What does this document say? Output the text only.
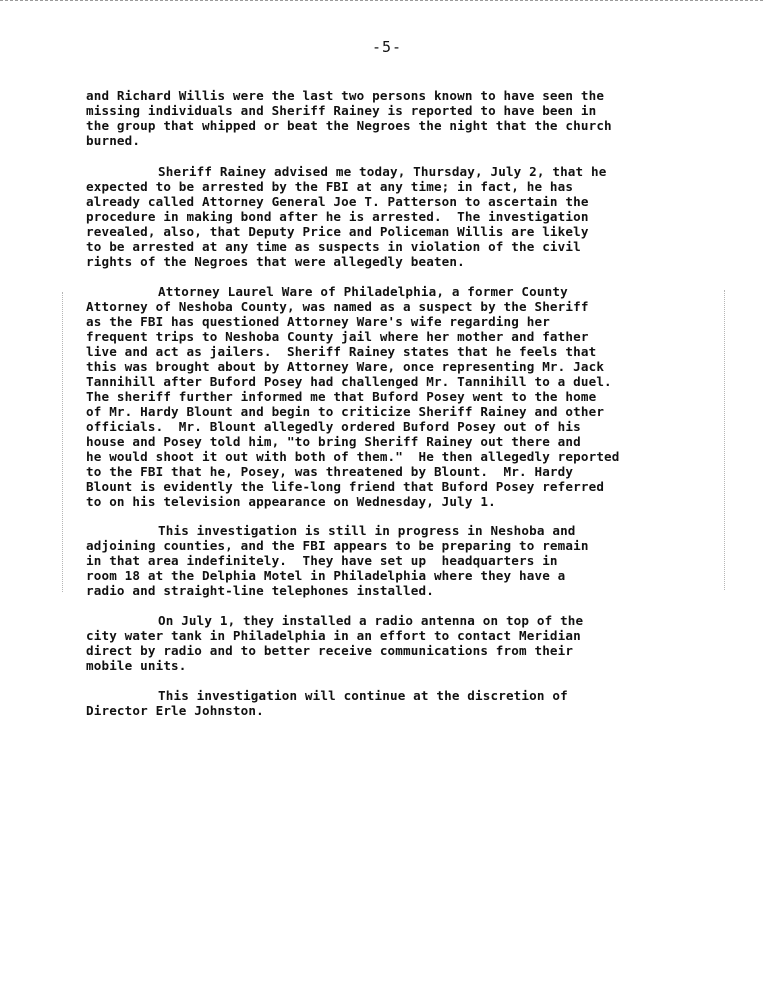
-5-

and Richard Willis were the last two persons known to have seen the
missing individuals and Sheriff Rainey is reported to have been in
the group that whipped or beat the Negroes the night that the church
burned.

Sheriff Rainey advised me today, Thursday, July 2, that he
expected to be arrested by the FBI at any time; in fact, he has
already called Attorney General Joe T. Patterson to ascertain the
procedure in making bond after he is arrested.  The investigation
revealed, also, that Deputy Price and Policeman Willis are likely
to be arrested at any time as suspects in violation of the civil
rights of the Negroes that were allegedly beaten.

Attorney Laurel Ware of Philadelphia, a former County
Attorney of Neshoba County, was named as a suspect by the Sheriff
as the FBI has questioned Attorney Ware's wife regarding her
frequent trips to Neshoba County jail where her mother and father
live and act as jailers.  Sheriff Rainey states that he feels that
this was brought about by Attorney Ware, once representing Mr. Jack
Tannihill after Buford Posey had challenged Mr. Tannihill to a duel.
The sheriff further informed me that Buford Posey went to the home
of Mr. Hardy Blount and begin to criticize Sheriff Rainey and other
officials.  Mr. Blount allegedly ordered Buford Posey out of his
house and Posey told him, "to bring Sheriff Rainey out there and
he would shoot it out with both of them."  He then allegedly reported
to the FBI that he, Posey, was threatened by Blount.  Mr. Hardy
Blount is evidently the life-long friend that Buford Posey referred
to on his television appearance on Wednesday, July 1.

This investigation is still in progress in Neshoba and
adjoining counties, and the FBI appears to be preparing to remain
in that area indefinitely.  They have set up  headquarters in
room 18 at the Delphia Motel in Philadelphia where they have a
radio and straight-line telephones installed.

On July 1, they installed a radio antenna on top of the
city water tank in Philadelphia in an effort to contact Meridian
direct by radio and to better receive communications from their
mobile units.

This investigation will continue at the discretion of
Director Erle Johnston.
